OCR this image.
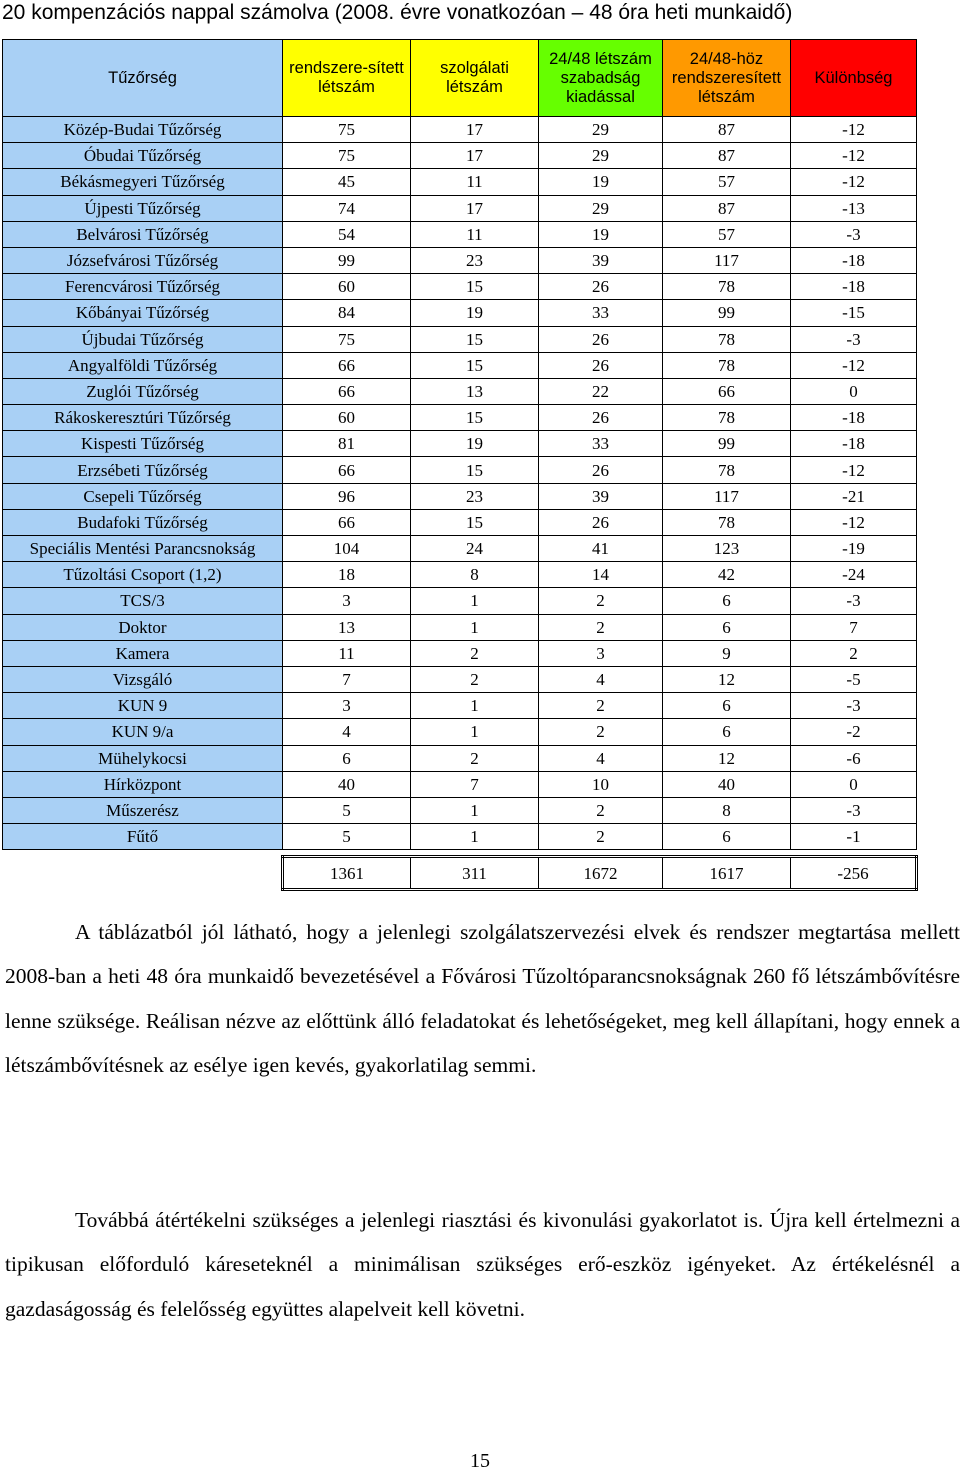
20 kompenzációs nappal számolva (2008. évre vonatkozóan – 48 óra heti munkaidő)
Tűzőrség	rendszere-sített létszám	szolgálati létszám	24/48 létszám szabadság kiadással	24/48-höz rendszeresített létszám	Különbség
Közép-Budai Tűzőrség	75	17	29	87	-12
Óbudai Tűzőrség	75	17	29	87	-12
Békásmegyeri Tűzőrség	45	11	19	57	-12
Újpesti Tűzőrség	74	17	29	87	-13
Belvárosi Tűzőrség	54	11	19	57	-3
Józsefvárosi Tűzőrség	99	23	39	117	-18
Ferencvárosi Tűzőrség	60	15	26	78	-18
Kőbányai Tűzőrség	84	19	33	99	-15
Újbudai Tűzőrség	75	15	26	78	-3
Angyalföldi Tűzőrség	66	15	26	78	-12
Zuglói Tűzőrség	66	13	22	66	0
Rákoskeresztúri Tűzőrség	60	15	26	78	-18
Kispesti Tűzőrség	81	19	33	99	-18
Erzsébeti Tűzőrség	66	15	26	78	-12
Csepeli Tűzőrség	96	23	39	117	-21
Budafoki Tűzőrség	66	15	26	78	-12
Speciális Mentési Parancsnokság	104	24	41	123	-19
Tűzoltási Csoport (1,2)	18	8	14	42	-24
TCS/3	3	1	2	6	-3
Doktor	13	1	2	6	7
Kamera	11	2	3	9	2
Vizsgáló	7	2	4	12	-5
KUN 9	3	1	2	6	-3
KUN 9/a	4	1	2	6	-2
Mühelykocsi	6	2	4	12	-6
Hírközpont	40	7	10	40	0
Műszerész	5	1	2	8	-3
Fűtő	5	1	2	6	-1

	1361	311	1672	1617	-256

A táblázatból jól látható, hogy a jelenlegi szolgálatszervezési elvek és rendszer megtartása mellett 2008-ban a heti 48 óra munkaidő bevezetésével a Fővárosi Tűzoltóparancsnokságnak 260 fő létszámbővítésre lenne szüksége. Reálisan nézve az előttünk álló feladatokat és lehetőségeket, meg kell állapítani, hogy ennek a létszámbővítésnek az esélye igen kevés, gyakorlatilag semmi.

Továbbá átértékelni szükséges a jelenlegi riasztási és kivonulási gyakorlatot is. Újra kell értelmezni a tipikusan előforduló káreseteknél a minimálisan szükséges erő-eszköz igényeket. Az értékelésnél a gazdaságosság és felelősség együttes alapelveit kell követni.

15
